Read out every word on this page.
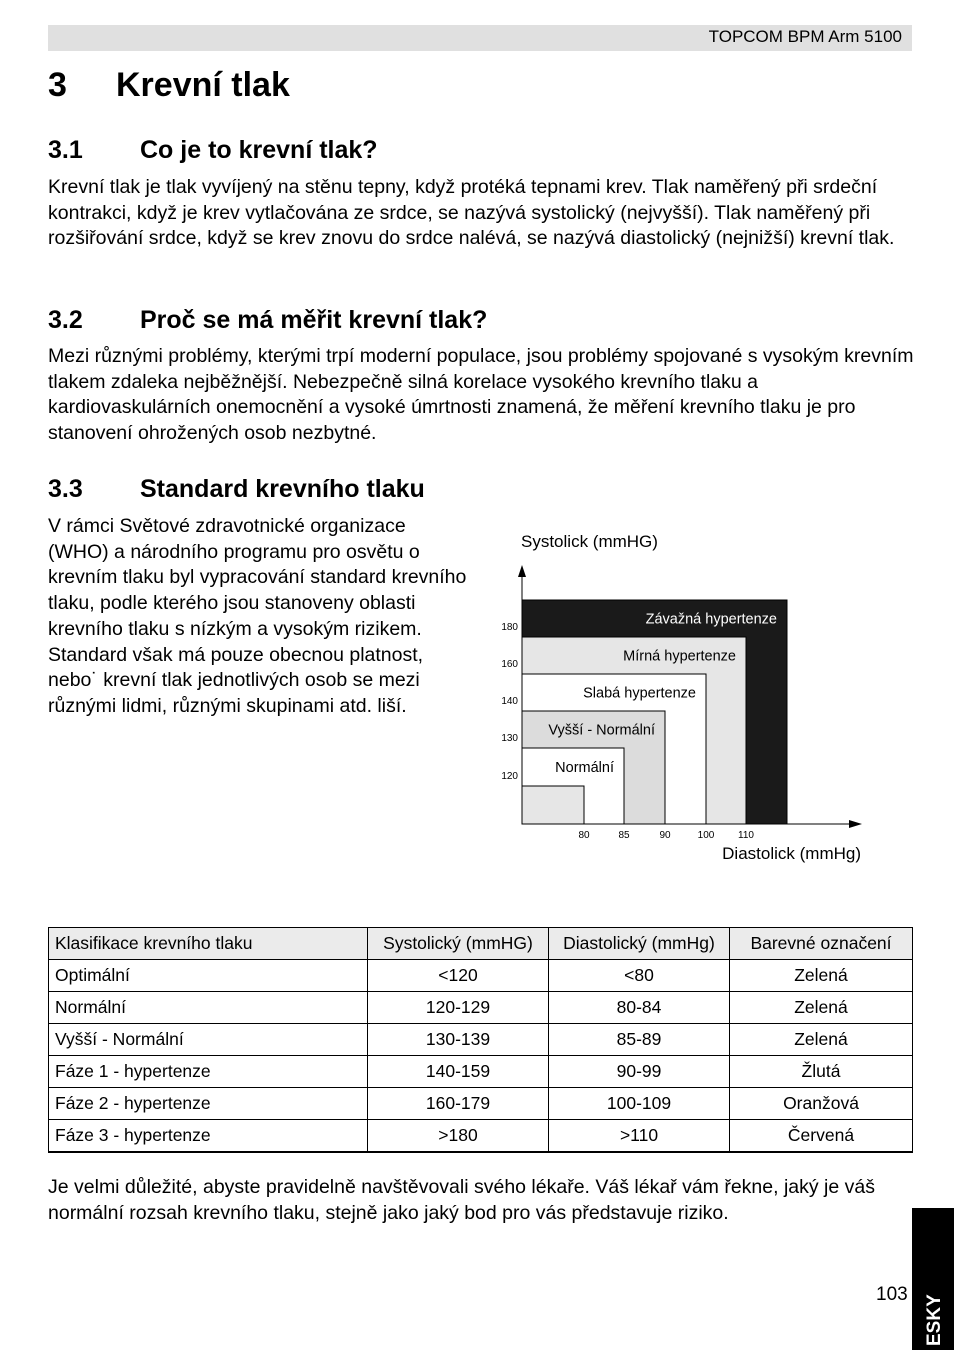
TOPCOM BPM Arm 5100
3 Krevní tlak
3.1 Co je to krevní tlak?

Krevní tlak je tlak vyvíjený na stěnu tepny, když protéká tepnami krev. Tlak naměřený při srdeční kontrakci, když je krev vytlačována ze srdce, se nazývá systolický (nejvyšší). Tlak naměřený při rozšiřování srdce, když se krev znovu do srdce nalévá, se nazývá diastolický (nejnižší) krevní tlak.

3.2 Proč se má měřit krevní tlak?

Mezi různými problémy, kterými trpí moderní populace, jsou problémy spojované s vysokým krevním tlakem zdaleka nejběžnější. Nebezpečně silná korelace vysokého krevního tlaku a kardiovaskulárních onemocnění a vysoké úmrtnosti znamená, že měření krevního tlaku je pro stanovení ohrožených osob nezbytné.

3.3 Standard krevního tlaku

V rámci Světové zdravotnické organizace (WHO) a národního programu pro osvětu o krevním tlaku byl vypracování standard krevního tlaku, podle kterého jsou stanoveny oblasti krevního tlaku s nízkým a vysokým rizikem. Standard však má pouze obecnou platnost, nebo˙ krevní tlak jednotlivých osob se mezi různými lidmi, různými skupinami atd. liší.

Systolick (mmHG)
Diastolick (mmHg)
Normální
Vyšší - Normální
Slabá hypertenze
Mírná hypertenze
Závažná hypertenze
120
130
140
160
180
80	85	90	100 110
Klasifikace krevního tlaku	Systolický (mmHG)	Diastolický (mmHg)	Barevné označení
Optimální	<120	<80	Zelená
Normální	120-129	80-84	Zelená
Vyšší - Normální	130-139	85-89	Zelená
Fáze 1 - hypertenze	140-159	90-99	Žlutá
Fáze 2 - hypertenze	160-179	100-109	Oranžová
Fáze 3 - hypertenze	>180	>110	Červená

Je velmi důležité, abyste pravidelně navštěvovali svého lékaře. Váš lékař vám řekne, jaký je váš normální rozsah krevního tlaku, stejně jako jaký bod pro vás představuje riziko.

103 ESKY
